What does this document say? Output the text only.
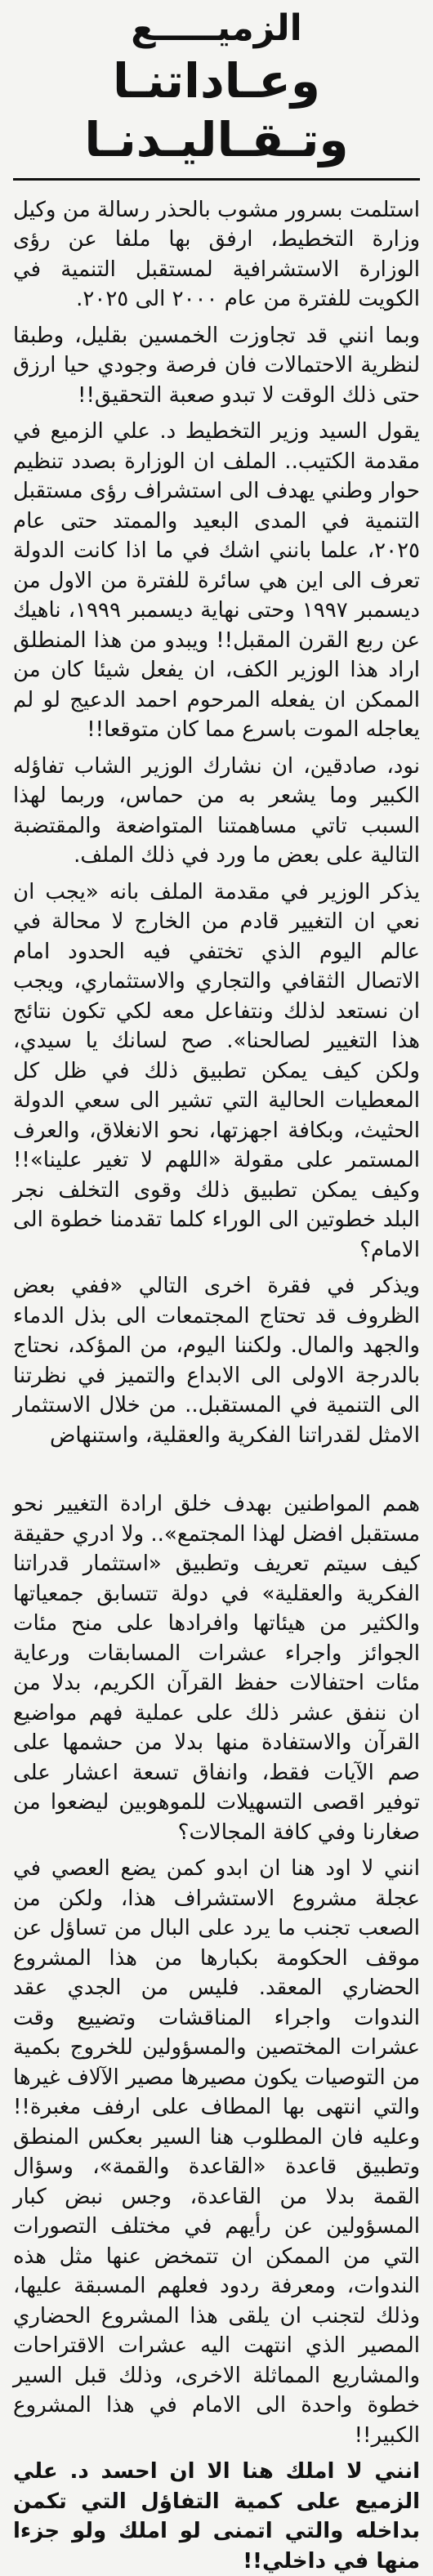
الزميـــــع
وعـاداتنـا وتـقـاليـدنـا

استلمت بسرور مشوب بالحذر رسالة من وكيل وزارة التخطيط، ارفق بها ملفا عن رؤى الوزارة الاستشرافية لمستقبل التنمية في الكويت للفترة من عام ٢٠٠٠ الى ٢٠٢٥.

وبما انني قد تجاوزت الخمسين بقليل، وطبقا لنظرية الاحتمالات فان فرصة وجودي حيا ارزق حتى ذلك الوقت لا تبدو صعبة التحقيق!!

يقول السيد وزير التخطيط د. علي الزميع في مقدمة الكتيب.. الملف ان الوزارة بصدد تنظيم حوار وطني يهدف الى استشراف رؤى مستقبل التنمية في المدى البعيد والممتد حتى عام ٢٠٢٥، علما بانني اشك في ما اذا كانت الدولة تعرف الى اين هي سائرة للفترة من الاول من ديسمبر ١٩٩٧ وحتى نهاية ديسمبر ١٩٩٩، ناهيك عن ربع القرن المقبل!! ويبدو من هذا المنطلق اراد هذا الوزير الكف، ان يفعل شيئا كان من الممكن ان يفعله المرحوم احمد الدعيج لو لم يعاجله الموت باسرع مما كان متوقعا!!

نود، صادقين، ان نشارك الوزير الشاب تفاؤله الكبير وما يشعر به من حماس، وربما لهذا السبب تاتي مساهمتنا المتواضعة والمقتضبة التالية على بعض ما ورد في ذلك الملف.

يذكر الوزير في مقدمة الملف بانه «يجب ان نعي ان التغيير قادم من الخارج لا محالة في عالم اليوم الذي تختفي فيه الحدود امام الاتصال الثقافي والتجاري والاستثماري، ويجب ان نستعد لذلك ونتفاعل معه لكي تكون نتائج هذا التغيير لصالحنا». صح لسانك يا سيدي، ولكن كيف يمكن تطبيق ذلك في ظل كل المعطيات الحالية التي تشير الى سعي الدولة الحثيث، وبكافة اجهزتها، نحو الانغلاق، والعرف المستمر على مقولة «اللهم لا تغير علينا»!! وكيف يمكن تطبيق ذلك وقوى التخلف نجر البلد خطوتين الى الوراء كلما تقدمنا خطوة الى الامام؟

ويذكر في فقرة اخرى التالي «ففي بعض الظروف قد تحتاج المجتمعات الى بذل الدماء والجهد والمال. ولكننا اليوم، من المؤكد، نحتاج بالدرجة الاولى الى الابداع والتميز في نظرتنا الى التنمية في المستقبل.. من خلال الاستثمار الامثل لقدراتنا الفكرية والعقلية، واستنهاض

همم المواطنين بهدف خلق ارادة التغيير نحو مستقبل افضل لهذا المجتمع».. ولا ادري حقيقة كيف سيتم تعريف وتطبيق «استثمار قدراتنا الفكرية والعقلية» في دولة تتسابق جمعياتها والكثير من هيئاتها وافرادها على منح مئات الجوائز واجراء عشرات المسابقات ورعاية مئات احتفالات حفظ القرآن الكريم، بدلا من ان ننفق عشر ذلك على عملية فهم مواضيع القرآن والاستفادة منها بدلا من حشمها على صم الآيات فقط، وانفاق تسعة اعشار على توفير اقصى التسهيلات للموهوبين ليضعوا من صغارنا وفي كافة المجالات؟

انني لا اود هنا ان ابدو كمن يضع العصي في عجلة مشروع الاستشراف هذا، ولكن من الصعب تجنب ما يرد على البال من تساؤل عن موقف الحكومة بكبارها من هذا المشروع الحضاري المعقد. فليس من الجدي عقد الندوات واجراء المناقشات وتضييع وقت عشرات المختصين والمسؤولين للخروج بكمية من التوصيات يكون مصيرها مصير الآلاف غيرها والتي انتهى بها المطاف على ارفف مغبرة!! وعليه فان المطلوب هنا السير بعكس المنطق وتطبيق قاعدة «القاعدة والقمة»، وسؤال القمة بدلا من القاعدة، وجس نبض كبار المسؤولين عن رأيهم في مختلف التصورات التي من الممكن ان تتمخض عنها مثل هذه الندوات، ومعرفة ردود فعلهم المسبقة عليها، وذلك لتجنب ان يلقى هذا المشروع الحضاري المصير الذي انتهت اليه عشرات الاقتراحات والمشاريع المماثلة الاخرى، وذلك قبل السير خطوة واحدة الى الامام في هذا المشروع الكبير!!

انني لا املك هنا الا ان احسد د. علي الزميع على كمية التفاؤل التي تكمن بداخله والتي اتمنى لو املك ولو جزءا منها في داخلي!!
